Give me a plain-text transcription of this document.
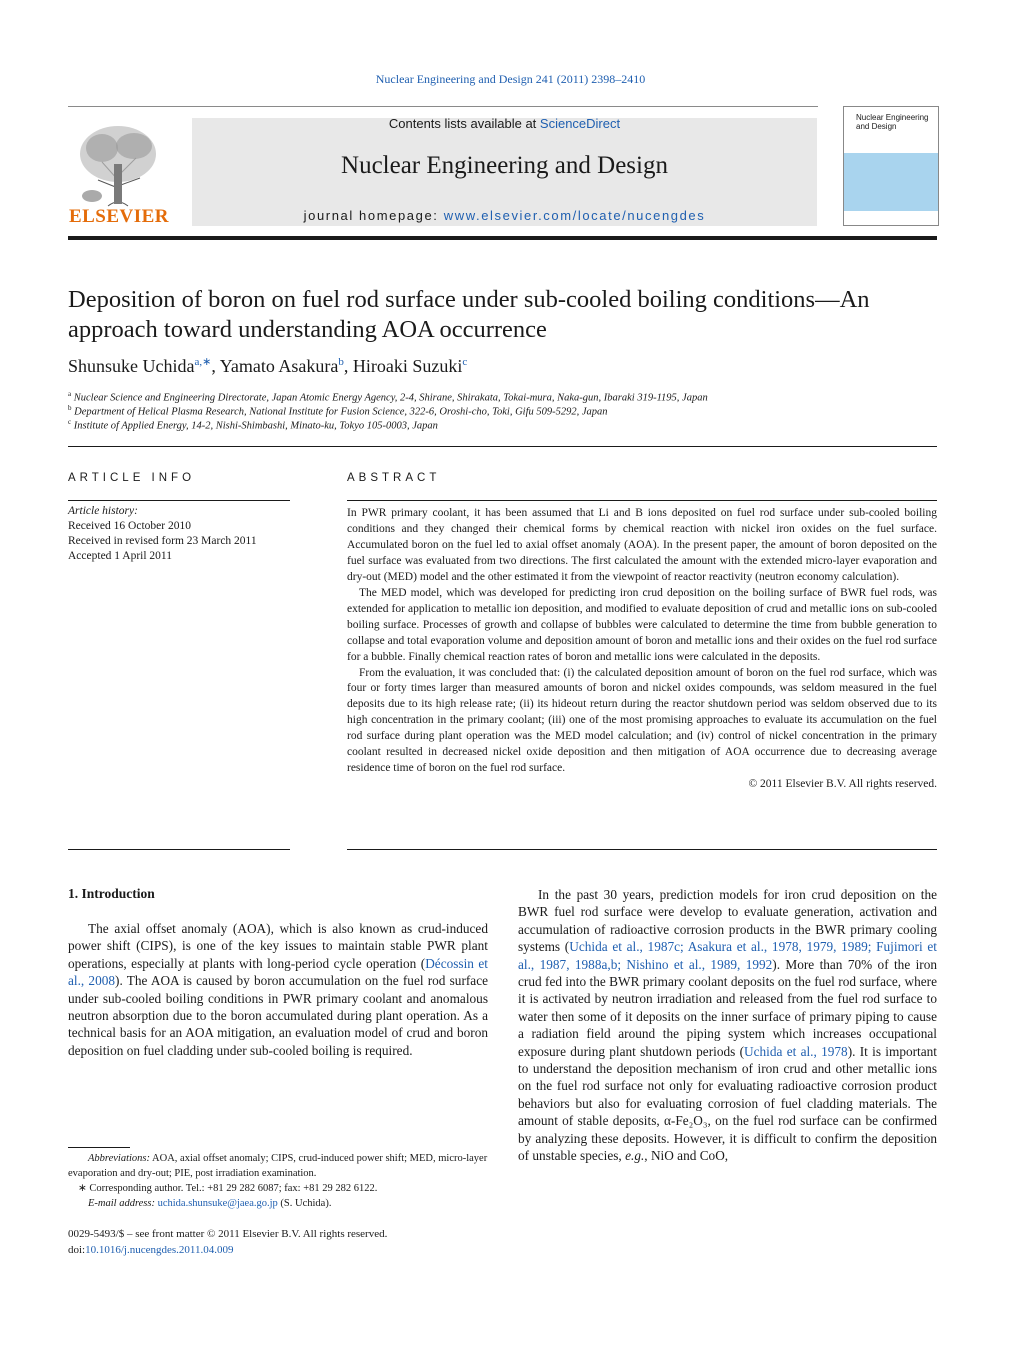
Nuclear Engineering and Design 241 (2011) 2398–2410
ELSEVIER
Contents lists available at ScienceDirect
Nuclear Engineering and Design
journal homepage: www.elsevier.com/locate/nucengdes
Nuclear Engineering and Design
Deposition of boron on fuel rod surface under sub-cooled boiling conditions—An approach toward understanding AOA occurrence
Shunsuke Uchida$^{a,∗}$, Yamato Asakura$^b$, Hiroaki Suzuki$^c$
$^a$ Nuclear Science and Engineering Directorate, Japan Atomic Energy Agency, 2-4, Shirane, Shirakata, Tokai-mura, Naka-gun, Ibaraki 319-1195, Japan
$^b$ Department of Helical Plasma Research, National Institute for Fusion Science, 322-6, Oroshi-cho, Toki, Gifu 509-5292, Japan
$^c$ Institute of Applied Energy, 14-2, Nishi-Shimbashi, Minato-ku, Tokyo 105-0003, Japan
ARTICLE INFO
Article history:
Received 16 October 2010
Received in revised form 23 March 2011
Accepted 1 April 2011
ABSTRACT

In PWR primary coolant, it has been assumed that Li and B ions deposited on fuel rod surface under sub-cooled boiling conditions and they changed their chemical forms by chemical reaction with nickel iron oxides on the fuel surface. Accumulated boron on the fuel led to axial offset anomaly (AOA). In the present paper, the amount of boron deposited on the fuel surface was evaluated from two directions. The first calculated the amount with the extended micro-layer evaporation and dry-out (MED) model and the other estimated it from the viewpoint of reactor reactivity (neutron economy calculation).

The MED model, which was developed for predicting iron crud deposition on the boiling surface of BWR fuel rods, was extended for application to metallic ion deposition, and modified to evaluate deposition of crud and metallic ions on sub-cooled boiling surface. Processes of growth and collapse of bubbles were calculated to determine the time from bubble generation to collapse and total evaporation volume and deposition amount of boron and metallic ions and their oxides on the fuel rod surface for a bubble. Finally chemical reaction rates of boron and metallic ions were calculated in the deposits.

From the evaluation, it was concluded that: (i) the calculated deposition amount of boron on the fuel rod surface, which was four or forty times larger than measured amounts of boron and nickel oxides compounds, was seldom measured in the fuel deposits due to its high release rate; (ii) its hideout return during the reactor shutdown period was seldom observed due to its high concentration in the primary coolant; (iii) one of the most promising approaches to evaluate its accumulation on the fuel rod surface during plant operation was the MED model calculation; and (iv) control of nickel concentration in the primary coolant resulted in decreased nickel oxide deposition and then mitigation of AOA occurrence due to decreasing average residence time of boron on the fuel rod surface.

© 2011 Elsevier B.V. All rights reserved.
1. Introduction

The axial offset anomaly (AOA), which is also known as crud-induced power shift (CIPS), is one of the key issues to maintain stable PWR plant operations, especially at plants with long-period cycle operation (Décossin et al., 2008). The AOA is caused by boron accumulation on the fuel rod surface under sub-cooled boiling conditions in PWR primary coolant and anomalous neutron absorption due to the boron accumulated during plant operation. As a technical basis for an AOA mitigation, an evaluation model of crud and boron deposition on fuel cladding under sub-cooled boiling is required.

In the past 30 years, prediction models for iron crud deposition on the BWR fuel rod surface were develop to evaluate generation, activation and accumulation of radioactive corrosion products in the BWR primary cooling systems (Uchida et al., 1987c; Asakura et al., 1978, 1979, 1989; Fujimori et al., 1987, 1988a,b; Nishino et al., 1989, 1992). More than 70% of the iron crud fed into the BWR primary coolant deposits on the fuel rod surface, where it is activated by neutron irradiation and released from the fuel rod surface to water then some of it deposits on the inner surface of primary piping to cause a radiation field around the piping system which increases occupational exposure during plant shutdown periods (Uchida et al., 1978). It is important to understand the deposition mechanism of iron crud and other metallic ions on the fuel rod surface not only for evaluating radioactive corrosion product behaviors but also for evaluating corrosion of fuel cladding materials. The amount of stable deposits, α-Fe₂O₃, on the fuel rod surface can be confirmed by analyzing these deposits. However, it is difficult to confirm the deposition of unstable species, e.g., NiO and CoO,

Abbreviations: AOA, axial offset anomaly; CIPS, crud-induced power shift; MED, micro-layer evaporation and dry-out; PIE, post irradiation examination.

∗ Corresponding author. Tel.: +81 29 282 6087; fax: +81 29 282 6122.

E-mail address: uchida.shunsuke@jaea.go.jp (S. Uchida).

0029-5493/$ – see front matter © 2011 Elsevier B.V. All rights reserved.

doi:10.1016/j.nucengdes.2011.04.009
